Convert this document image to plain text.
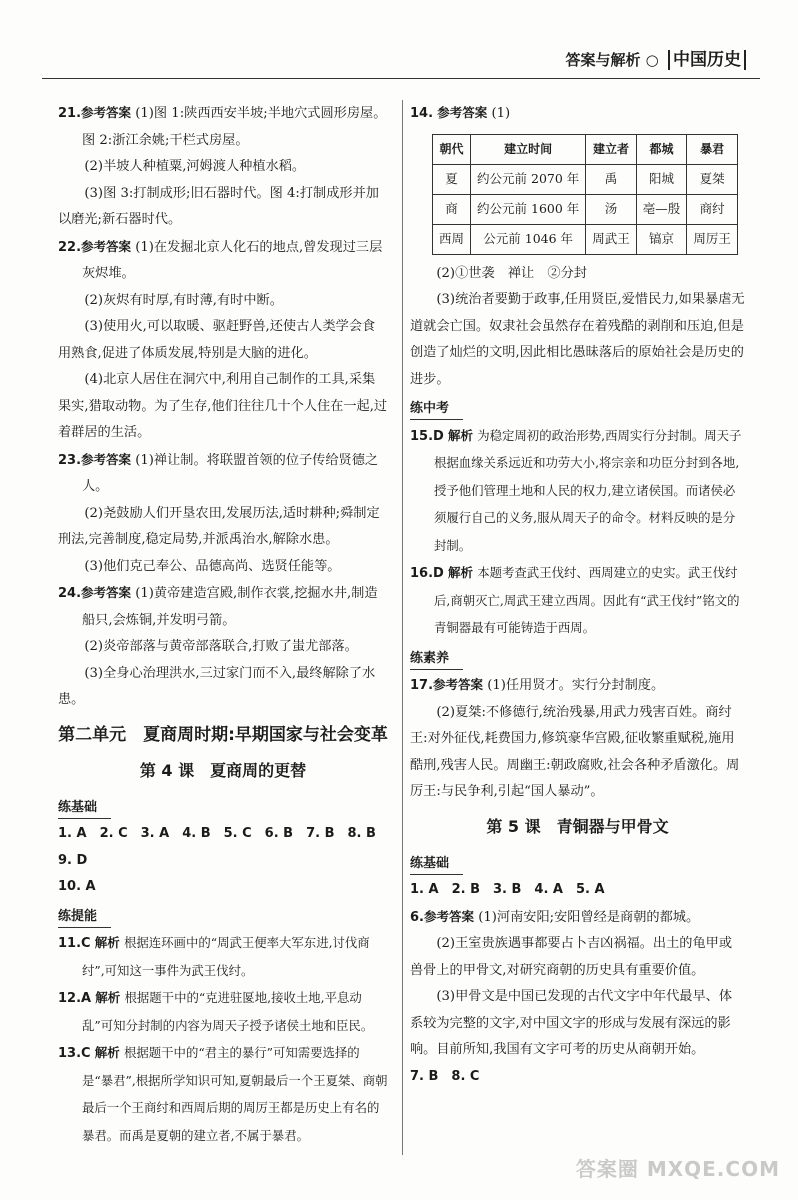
答案与解析 ○ 中国历史

21.参考答案 (1)图 1:陕西西安半坡;半地穴式圆形房屋。图 2:浙江余姚;干栏式房屋。

(2)半坡人种植粟,河姆渡人种植水稻。

(3)图 3:打制成形;旧石器时代。图 4:打制成形并加以磨光;新石器时代。

22.参考答案 (1)在发掘北京人化石的地点,曾发现过三层灰烬堆。

(2)灰烬有时厚,有时薄,有时中断。

(3)使用火,可以取暖、驱赶野兽,还使古人类学会食用熟食,促进了体质发展,特别是大脑的进化。

(4)北京人居住在洞穴中,利用自己制作的工具,采集果实,猎取动物。为了生存,他们往往几十个人住在一起,过着群居的生活。

23.参考答案 (1)禅让制。将联盟首领的位子传给贤德之人。

(2)尧鼓励人们开垦农田,发展历法,适时耕种;舜制定刑法,完善制度,稳定局势,并派禹治水,解除水患。

(3)他们克己奉公、品德高尚、选贤任能等。

24.参考答案 (1)黄帝建造宫殿,制作衣裳,挖掘水井,制造船只,会炼铜,并发明弓箭。

(2)炎帝部落与黄帝部落联合,打败了蚩尤部落。

(3)全身心治理洪水,三过家门而不入,最终解除了水患。

第二单元　夏商周时期:早期国家与社会变革
第 4 课　夏商周的更替
练基础

1. A　2. C　3. A　4. B　5. C　6. B　7. B　8. B　9. D

10. A

练提能

11.C 解析 根据连环画中的“周武王便率大军东进,讨伐商纣”,可知这一事件为武王伐纣。

12.A 解析 根据题干中的“克进驻匽地,接收土地,平息动乱”可知分封制的内容为周天子授予诸侯土地和臣民。

13.C 解析 根据题干中的“君主的暴行”可知需要选择的是“暴君”,根据所学知识可知,夏朝最后一个王夏桀、商朝最后一个王商纣和西周后期的周厉王都是历史上有名的暴君。而禹是夏朝的建立者,不属于暴君。

14. 参考答案 (1)

朝代	建立时间	建立者	都城	暴君
夏	约公元前 2070 年	禹	阳城	夏桀
商	约公元前 1600 年	汤	亳—殷	商纣
西周	公元前 1046 年	周武王	镐京	周厉王

(2)①世袭　禅让　②分封

(3)统治者要勤于政事,任用贤臣,爱惜民力,如果暴虐无道就会亡国。奴隶社会虽然存在着残酷的剥削和压迫,但是创造了灿烂的文明,因此相比愚昧落后的原始社会是历史的进步。

练中考

15.D 解析 为稳定周初的政治形势,西周实行分封制。周天子根据血缘关系远近和功劳大小,将宗亲和功臣分封到各地,授予他们管理土地和人民的权力,建立诸侯国。而诸侯必须履行自己的义务,服从周天子的命令。材料反映的是分封制。

16.D 解析 本题考查武王伐纣、西周建立的史实。武王伐纣后,商朝灭亡,周武王建立西周。因此有“武王伐纣”铭文的青铜器最有可能铸造于西周。

练素养

17.参考答案 (1)任用贤才。实行分封制度。

(2)夏桀:不修德行,统治残暴,用武力残害百姓。商纣王:对外征伐,耗费国力,修筑豪华宫殿,征收繁重赋税,施用酷刑,残害人民。周幽王:朝政腐败,社会各种矛盾激化。周厉王:与民争利,引起“国人暴动”。

第 5 课　青铜器与甲骨文
练基础

1. A　2. B　3. B　4. A　5. A

6.参考答案 (1)河南安阳;安阳曾经是商朝的都城。

(2)王室贵族遇事都要占卜吉凶祸福。出土的龟甲或兽骨上的甲骨文,对研究商朝的历史具有重要价值。

(3)甲骨文是中国已发现的古代文字中年代最早、体系较为完整的文字,对中国文字的形成与发展有深远的影响。目前所知,我国有文字可考的历史从商朝开始。

7. B　8. C

答案圈 MXQE.COM
